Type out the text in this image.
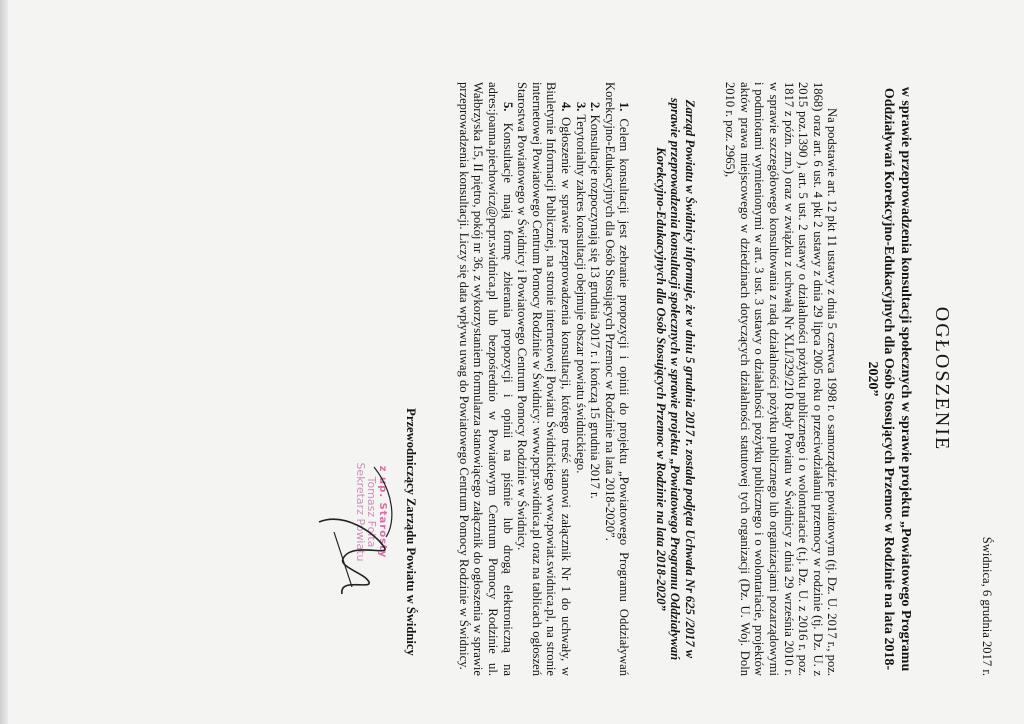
Świdnica, 6 grudnia 2017 r.
OGŁOSZENIE
w sprawie przeprowadzenia konsultacji społecznych w sprawie projektu „Powiatowego Programu Oddziaływań Korekcyjno-Edukacyjnych dla Osób Stosujących Przemoc w Rodzinie na lata 2018-2020”
Na podstawie art. 12 pkt 11 ustawy z dnia 5 czerwca 1998 r. o samorządzie powiatowym (tj. Dz. U. 2017 r., poz. 1868) oraz art. 6 ust. 4 pkt 2 ustawy z dnia 29 lipca 2005 roku o przeciwdziałaniu przemocy w rodzinie (tj. Dz. U. z 2015 poz.1390 ), art. 5 ust. 2 ustawy o działalności pożytku publicznego i o wolontariacie (t.j. Dz. U. z 2016 r. poz. 1817 z późn. zm.) oraz w związku z uchwałą Nr XLI/329/210 Rady Powiatu w Świdnicy z dnia 29 września 2010 r. w sprawie szczegółowego konsultowania z radą działalności pożytku publicznego lub organizacjami pozarządowymi i podmiotami wymienionymi w art. 3 ust. 3 ustawy o działalności pożytku publicznego i o wolontariacie, projektów aktów prawa miejscowego w dziedzinach dotyczących działalności statutowej tych organizacji (Dz. U. Woj. Doln 2010 r. poz. 2965),
Zarząd Powiatu w Świdnicy informuje, że w dniu 5 grudnia 2017 r. została podjęta Uchwała Nr 625 /2017 w sprawie przeprowadzenia konsultacji społecznych w sprawie projektu „Powiatowego Programu Oddziaływań Korekcyjno-Edukacyjnych dla Osób Stosujących Przemoc w Rodzinie na lata 2018-2020”
1. Celem konsultacji jest zebranie propozycji i opinii do projektu „Powiatowego Programu Oddziaływań Korekcyjno-Edukacyjnych dla Osób Stosujących Przemoc w Rodzinie na lata 2018-2020”.
2. Konsultacje rozpoczynają się 13 grudnia 2017 r. i kończą 15 grudnia 2017 r.
3. Terytorialny zakres konsultacji obejmuje obszar powiatu świdnickiego.
4. Ogłoszenie w sprawie przeprowadzenia konsultacji, którego treść stanowi załącznik Nr 1 do uchwały, w Biuletynie Informacji Publicznej, na stronie internetowej Powiatu Świdnickiego www.powiat.swidnica.pl, na stronie internetowej Powiatowego Centrum Pomocy Rodzinie w Świdnicy: www.pcpr.swidnica.pl oraz na tablicach ogłoszeń Starostwa Powiatowego w Świdnicy i Powiatowego Centrum Pomocy Rodzinie w Świdnicy.
5. Konsultacje mają formę zbierania propozycji i opinii na piśmie lub drogą elektroniczną na adres:joanna.piechowicz@pcpr.swidnica.pl lub bezpośrednio w Powiatowym Centrum Pomocy Rodzinie ul. Wałbrzyska 15, II piętro, pokój nr 36, z wykorzystaniem formularza stanowiącego załącznik do ogłoszenia w sprawie przeprowadzenia konsultacji. Liczy się data wpływu uwag do Powiatowego Centrum Pomocy Rodzinie w Świdnicy.
Przewodniczący Zarządu Powiatu w Świdnicy
z up. Starosty
Tomasz Folta
Sekretarz Powiatu
